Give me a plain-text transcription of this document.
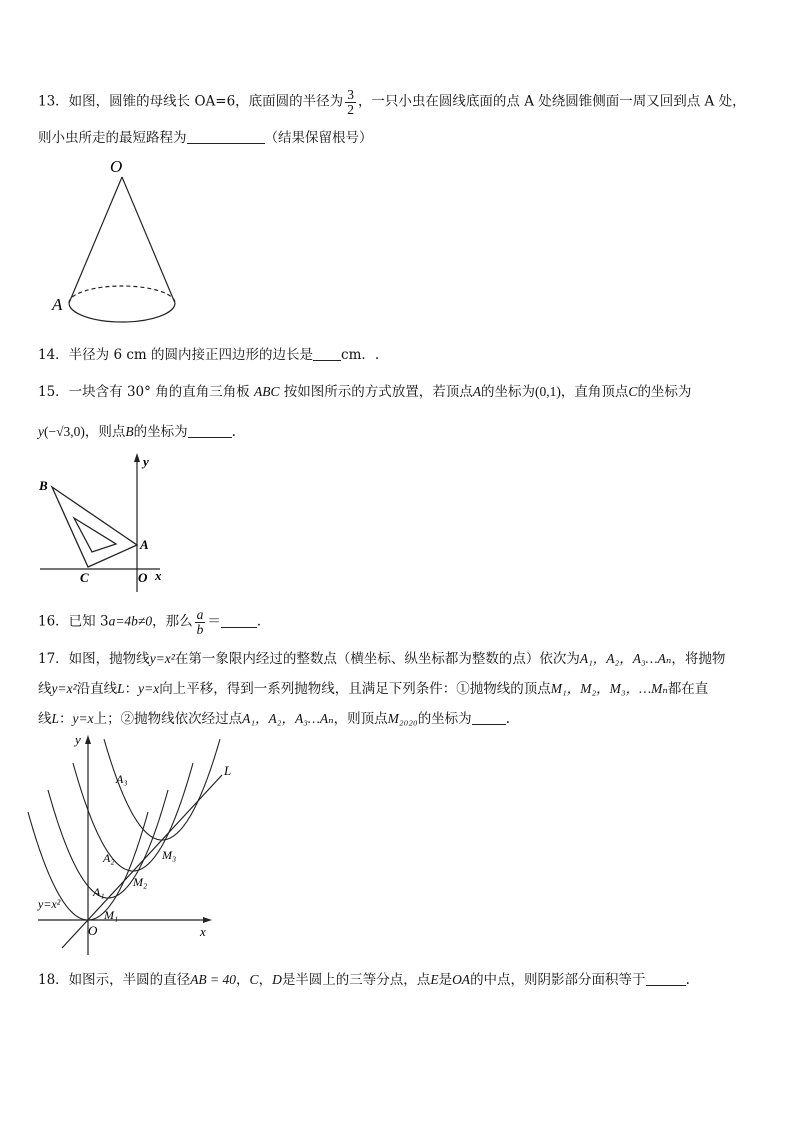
13．如图，圆锥的母线长 OA=6，底面圆的半径为 $\frac{3}{2}$ ，一只小虫在圆线底面的点 A 处绕圆锥侧面一周又回到点 A 处，
则小虫所走的最短路程为	（结果保留根号）
O
A
14．半径为 6 cm 的圆内接正四边形的边长是 cm．.
15．一块含有 30° 角的直角三角板 ABC 按如图所示的方式放置，若顶点A的坐标为(0,1)，直角顶点C的坐标为
y(−√3,0)，则点B的坐标为	.
y
B
A
C	O x
16．已知 3a=4b≠0，那么 $\frac{a}{b}$ ＝	．
17．如图，抛物线y=x²在第一象限内经过的整数点（横坐标、纵坐标都为整数的点）依次为A₁，A₂，A₃…Aₙ，将抛物
线y=x²沿直线L：y=x向上平移，得到一系列抛物线，且满足下列条件：①抛物线的顶点M₁，M₂，M₃，…Mₙ都在直
线L：y=x上；②抛物线依次经过点A₁，A₂，A₃…Aₙ，则顶点M₂₀₂₀的坐标为	.
y
L
x
O
y=x²
A₁
A₂
A₃
M₁
M₂
M₃
18．如图示，半圆的直径AB = 40，C，D是半圆上的三等分点，点E是OA的中点，则阴影部分面积等于	.
